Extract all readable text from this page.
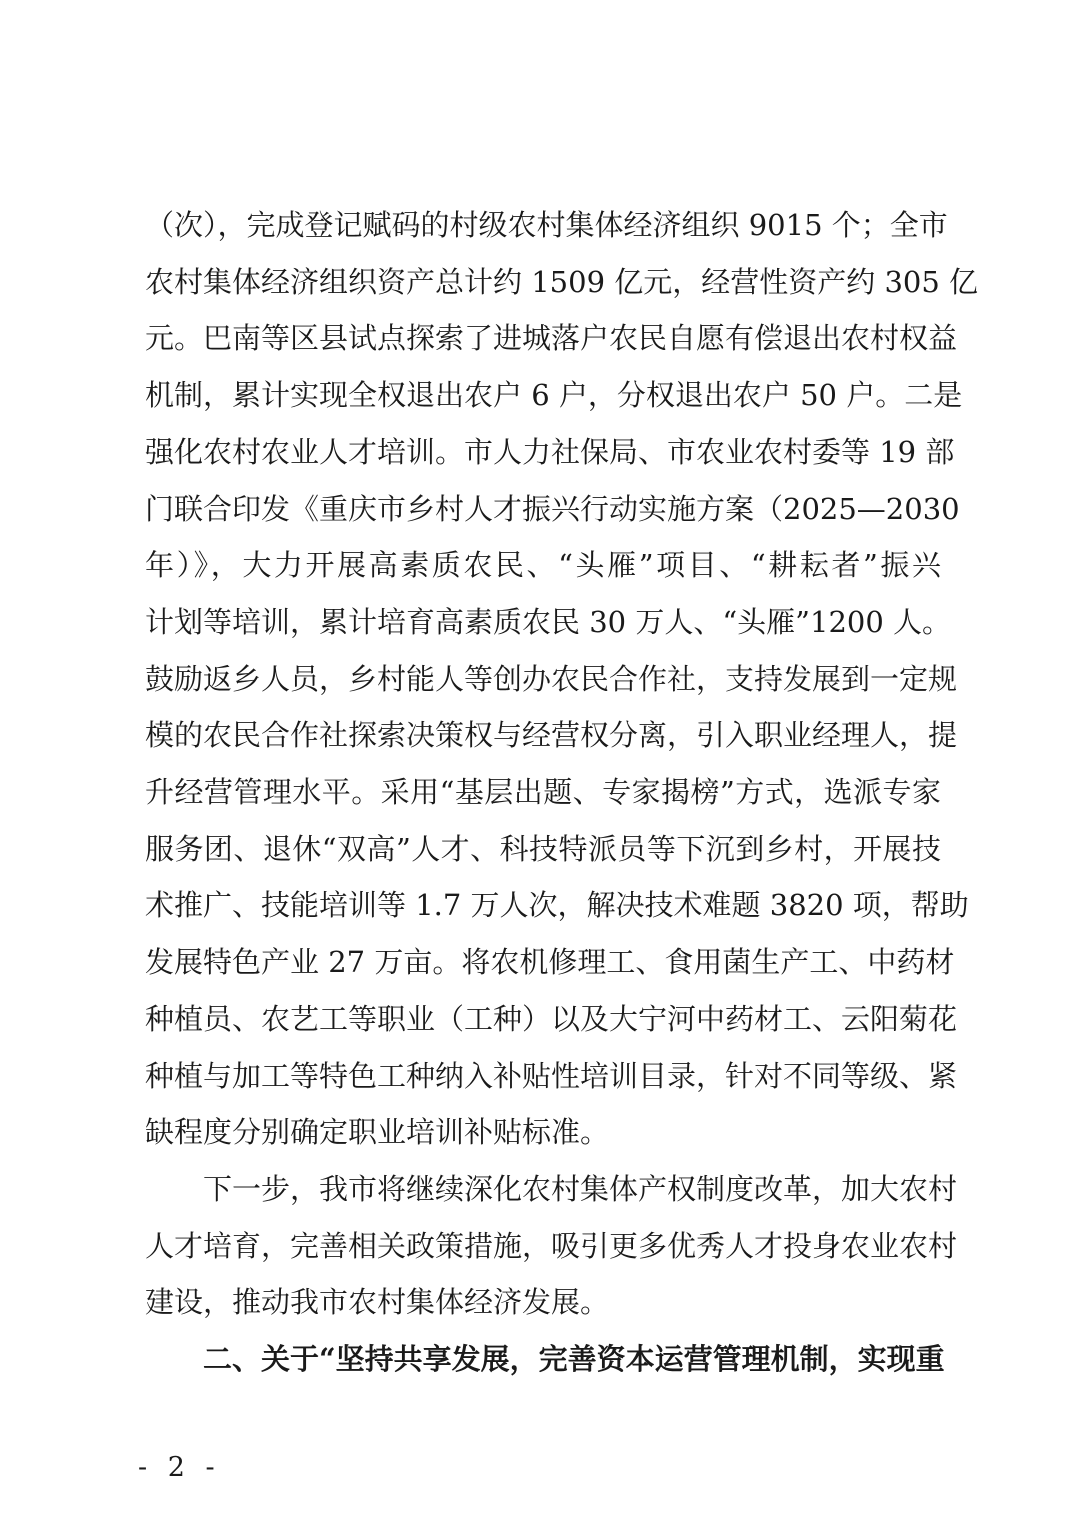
（次），完成登记赋码的村级农村集体经济组织 9015 个；全市
农村集体经济组织资产总计约 1509 亿元，经营性资产约 305 亿
元。巴南等区县试点探索了进城落户农民自愿有偿退出农村权益
机制，累计实现全权退出农户 6 户，分权退出农户 50 户。二是
强化农村农业人才培训。市人力社保局、市农业农村委等 19 部
门联合印发《重庆市乡村人才振兴行动实施方案（2025—2030
年）》，大力开展高素质农民、“头雁”项目、“耕耘者”振兴
计划等培训，累计培育高素质农民 30 万人、“头雁”1200 人。
鼓励返乡人员，乡村能人等创办农民合作社，支持发展到一定规
模的农民合作社探索决策权与经营权分离，引入职业经理人，提
升经营管理水平。采用“基层出题、专家揭榜”方式，选派专家
服务团、退休“双高”人才、科技特派员等下沉到乡村，开展技
术推广、技能培训等 1.7 万人次，解决技术难题 3820 项，帮助
发展特色产业 27 万亩。将农机修理工、食用菌生产工、中药材
种植员、农艺工等职业（工种）以及大宁河中药材工、云阳菊花
种植与加工等特色工种纳入补贴性培训目录，针对不同等级、紧
缺程度分别确定职业培训补贴标准。
　　下一步，我市将继续深化农村集体产权制度改革，加大农村
人才培育，完善相关政策措施，吸引更多优秀人才投身农业农村
建设，推动我市农村集体经济发展。
　　二、关于“坚持共享发展，完善资本运营管理机制，实现重
- 2 -
